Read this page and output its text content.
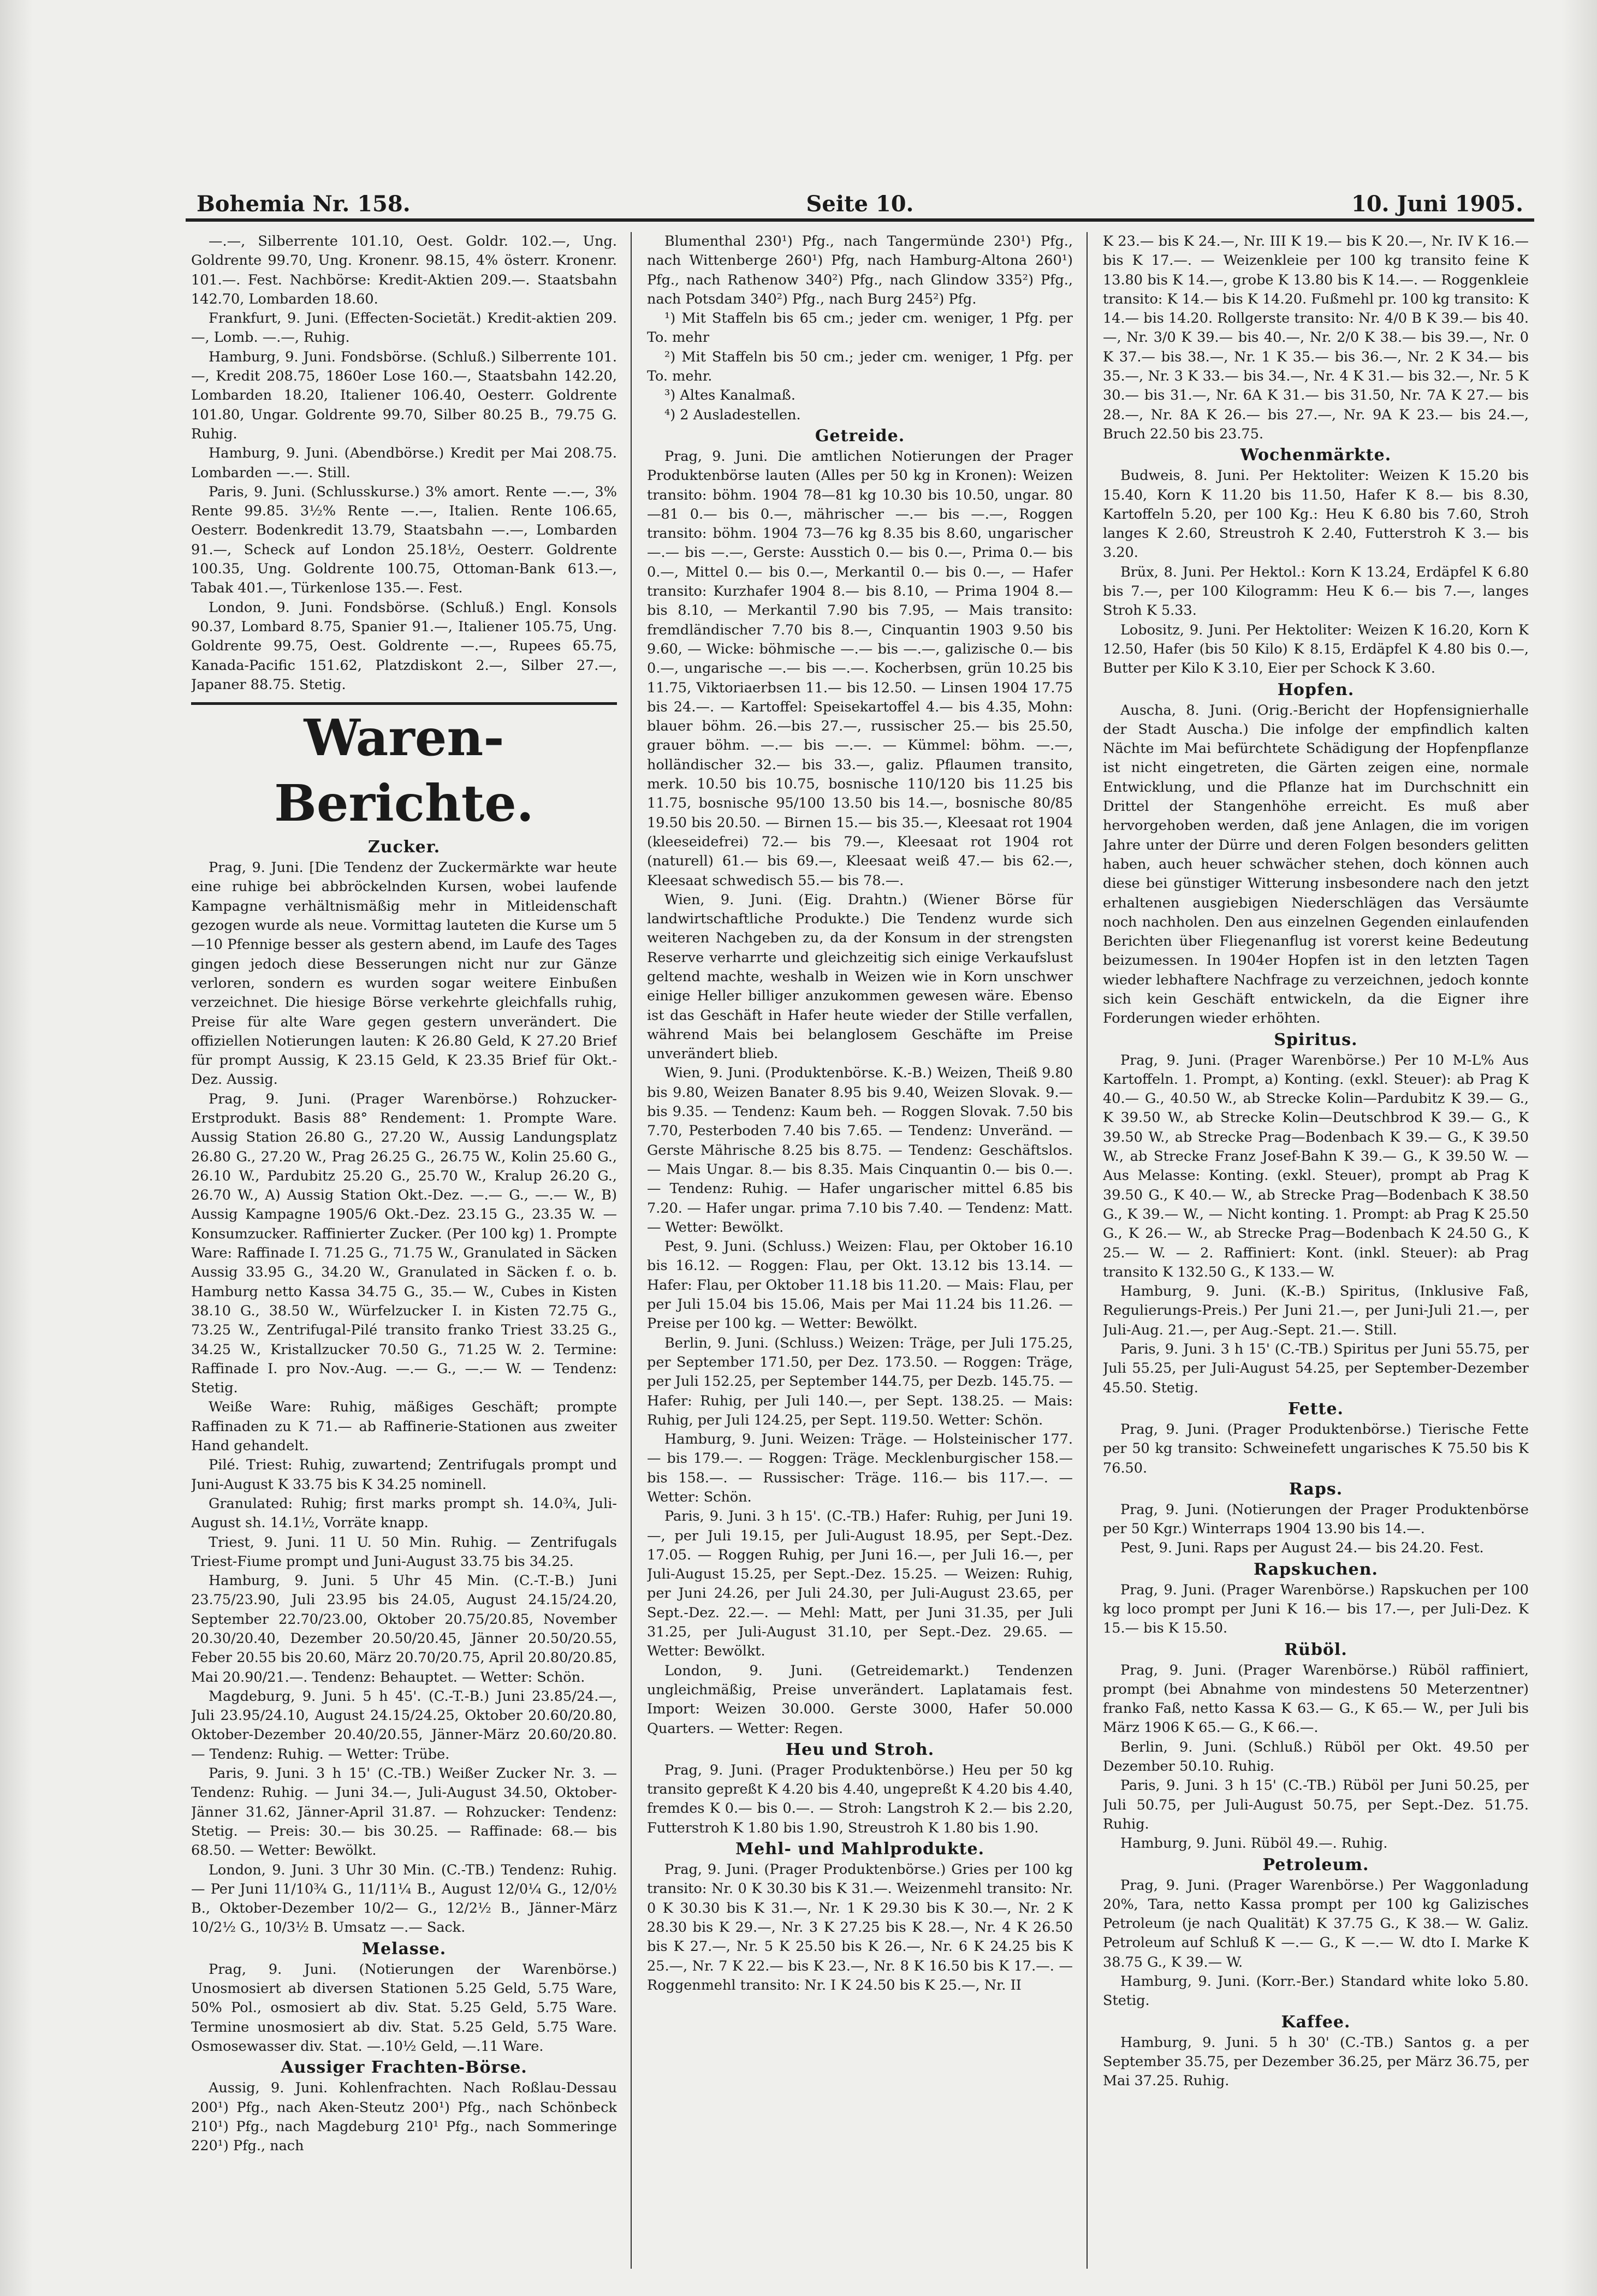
Bohemia Nr. 158.	Seite 10.	10. Juni 1905.

—.—, Silberrente 101.10, Oest. Goldr. 102.—, Ung. Goldrente 99.70, Ung. Kronenr. 98.15, 4% österr. Kronenr. 101.—. Fest. Nachbörse: Kredit-Aktien 209.—. Staatsbahn 142.70, Lombarden 18.60.

Frankfurt, 9. Juni. (Effecten-Societät.) Kredit-aktien 209.—, Lomb. —.—, Ruhig.

Hamburg, 9. Juni. Fondsbörse. (Schluß.) Silberrente 101.—, Kredit 208.75, 1860er Lose 160.—, Staatsbahn 142.20, Lombarden 18.20, Italiener 106.40, Oesterr. Goldrente 101.80, Ungar. Goldrente 99.70, Silber 80.25 B., 79.75 G. Ruhig.

Hamburg, 9. Juni. (Abendbörse.) Kredit per Mai 208.75. Lombarden —.—. Still.

Paris, 9. Juni. (Schlusskurse.) 3% amort. Rente —.—, 3% Rente 99.85. 3½% Rente —.—, Italien. Rente 106.65, Oesterr. Bodenkredit 13.79, Staatsbahn —.—, Lombarden 91.—, Scheck auf London 25.18½, Oesterr. Goldrente 100.35, Ung. Goldrente 100.75, Ottoman-Bank 613.—, Tabak 401.—, Türkenlose 135.—. Fest.

London, 9. Juni. Fondsbörse. (Schluß.) Engl. Konsols 90.37, Lombard 8.75, Spanier 91.—, Italiener 105.75, Ung. Goldrente 99.75, Oest. Goldrente —.—, Rupees 65.75, Kanada-Pacific 151.62, Platzdiskont 2.—, Silber 27.—, Japaner 88.75. Stetig.

Waren-Berichte.
Zucker.

Prag, 9. Juni. [Die Tendenz der Zuckermärkte war heute eine ruhige bei abbröckelnden Kursen, wobei laufende Kampagne verhältnismäßig mehr in Mitleidenschaft gezogen wurde als neue. Vormittag lauteten die Kurse um 5—10 Pfennige besser als gestern abend, im Laufe des Tages gingen jedoch diese Besserungen nicht nur zur Gänze verloren, sondern es wurden sogar weitere Einbußen verzeichnet. Die hiesige Börse verkehrte gleichfalls ruhig, Preise für alte Ware gegen gestern unverändert. Die offiziellen Notierungen lauten: K 26.80 Geld, K 27.20 Brief für prompt Aussig, K 23.15 Geld, K 23.35 Brief für Okt.-Dez. Aussig.

Prag, 9. Juni. (Prager Warenbörse.) Rohzucker-Erstprodukt. Basis 88° Rendement: 1. Prompte Ware. Aussig Station 26.80 G., 27.20 W., Aussig Landungsplatz 26.80 G., 27.20 W., Prag 26.25 G., 26.75 W., Kolin 25.60 G., 26.10 W., Pardubitz 25.20 G., 25.70 W., Kralup 26.20 G., 26.70 W., A) Aussig Station Okt.-Dez. —.— G., —.— W., B) Aussig Kampagne 1905/6 Okt.-Dez. 23.15 G., 23.35 W. — Konsumzucker. Raffinierter Zucker. (Per 100 kg) 1. Prompte Ware: Raffinade I. 71.25 G., 71.75 W., Granulated in Säcken Aussig 33.95 G., 34.20 W., Granulated in Säcken f. o. b. Hamburg netto Kassa 34.75 G., 35.— W., Cubes in Kisten 38.10 G., 38.50 W., Würfelzucker I. in Kisten 72.75 G., 73.25 W., Zentrifugal-Pilé transito franko Triest 33.25 G., 34.25 W., Kristallzucker 70.50 G., 71.25 W. 2. Termine: Raffinade I. pro Nov.-Aug. —.— G., —.— W. — Tendenz: Stetig.

Weiße Ware: Ruhig, mäßiges Geschäft; prompte Raffinaden zu K 71.— ab Raffinerie-Stationen aus zweiter Hand gehandelt.

Pilé. Triest: Ruhig, zuwartend; Zentrifugals prompt und Juni-August K 33.75 bis K 34.25 nominell.

Granulated: Ruhig; first marks prompt sh. 14.0¾, Juli-August sh. 14.1½, Vorräte knapp.

Triest, 9. Juni. 11 U. 50 Min. Ruhig. — Zentrifugals Triest-Fiume prompt und Juni-August 33.75 bis 34.25.

Hamburg, 9. Juni. 5 Uhr 45 Min. (C.-T.-B.) Juni 23.75/23.90, Juli 23.95 bis 24.05, August 24.15/24.20, September 22.70/23.00, Oktober 20.75/20.85, November 20.30/20.40, Dezember 20.50/20.45, Jänner 20.50/20.55, Feber 20.55 bis 20.60, März 20.70/20.75, April 20.80/20.85, Mai 20.90/21.—. Tendenz: Behauptet. — Wetter: Schön.

Magdeburg, 9. Juni. 5 h 45'. (C.-T.-B.) Juni 23.85/24.—, Juli 23.95/24.10, August 24.15/24.25, Oktober 20.60/20.80, Oktober-Dezember 20.40/20.55, Jänner-März 20.60/20.80. — Tendenz: Ruhig. — Wetter: Trübe.

Paris, 9. Juni. 3 h 15' (C.-TB.) Weißer Zucker Nr. 3. — Tendenz: Ruhig. — Juni 34.—, Juli-August 34.50, Oktober-Jänner 31.62, Jänner-April 31.87. — Rohzucker: Tendenz: Stetig. — Preis: 30.— bis 30.25. — Raffinade: 68.— bis 68.50. — Wetter: Bewölkt.

London, 9. Juni. 3 Uhr 30 Min. (C.-TB.) Tendenz: Ruhig. — Per Juni 11/10¾ G., 11/11¼ B., August 12/0¼ G., 12/0½ B., Oktober-Dezember 10/2— G., 12/2½ B., Jänner-März 10/2½ G., 10/3½ B. Umsatz —.— Sack.

Melasse.

Prag, 9. Juni. (Notierungen der Warenbörse.) Unosmosiert ab diversen Stationen 5.25 Geld, 5.75 Ware, 50% Pol., osmosiert ab div. Stat. 5.25 Geld, 5.75 Ware. Termine unosmosiert ab div. Stat. 5.25 Geld, 5.75 Ware. Osmosewasser div. Stat. —.10½ Geld, —.11 Ware.

Aussiger Frachten-Börse.

Aussig, 9. Juni. Kohlenfrachten. Nach Roßlau-Dessau 200¹) Pfg., nach Aken-Steutz 200¹) Pfg., nach Schönbeck 210¹) Pfg., nach Magdeburg 210¹ Pfg., nach Sommeringe 220¹) Pfg., nach

Blumenthal 230¹) Pfg., nach Tangermünde 230¹) Pfg., nach Wittenberge 260¹) Pfg, nach Hamburg-Altona 260¹) Pfg., nach Rathenow 340²) Pfg., nach Glindow 335²) Pfg., nach Potsdam 340²) Pfg., nach Burg 245²) Pfg.

¹) Mit Staffeln bis 65 cm.; jeder cm. weniger, 1 Pfg. per To. mehr

²) Mit Staffeln bis 50 cm.; jeder cm. weniger, 1 Pfg. per To. mehr.

³) Altes Kanalmaß.

⁴) 2 Ausladestellen.

Getreide.

Prag, 9. Juni. Die amtlichen Notierungen der Prager Produktenbörse lauten (Alles per 50 kg in Kronen): Weizen transito: böhm. 1904 78—81 kg 10.30 bis 10.50, ungar. 80—81 0.— bis 0.—, mährischer —.— bis —.—, Roggen transito: böhm. 1904 73—76 kg 8.35 bis 8.60, ungarischer —.— bis —.—, Gerste: Ausstich 0.— bis 0.—, Prima 0.— bis 0.—, Mittel 0.— bis 0.—, Merkantil 0.— bis 0.—, — Hafer transito: Kurzhafer 1904 8.— bis 8.10, — Prima 1904 8.— bis 8.10, — Merkantil 7.90 bis 7.95, — Mais transito: fremdländischer 7.70 bis 8.—, Cinquantin 1903 9.50 bis 9.60, — Wicke: böhmische —.— bis —.—, galizische 0.— bis 0.—, ungarische —.— bis —.—. Kocherbsen, grün 10.25 bis 11.75, Viktoriaerbsen 11.— bis 12.50. — Linsen 1904 17.75 bis 24.—. — Kartoffel: Speisekartoffel 4.— bis 4.35, Mohn: blauer böhm. 26.—bis 27.—, russischer 25.— bis 25.50, grauer böhm. —.— bis —.—. — Kümmel: böhm. —.—, holländischer 32.— bis 33.—, galiz. Pflaumen transito, merk. 10.50 bis 10.75, bosnische 110/120 bis 11.25 bis 11.75, bosnische 95/100 13.50 bis 14.—, bosnische 80/85 19.50 bis 20.50. — Birnen 15.— bis 35.—, Kleesaat rot 1904 (kleeseidefrei) 72.— bis 79.—, Kleesaat rot 1904 rot (naturell) 61.— bis 69.—, Kleesaat weiß 47.— bis 62.—, Kleesaat schwedisch 55.— bis 78.—.

Wien, 9. Juni. (Eig. Drahtn.) (Wiener Börse für landwirtschaftliche Produkte.) Die Tendenz wurde sich weiteren Nachgeben zu, da der Konsum in der strengsten Reserve verharrte und gleichzeitig sich einige Verkaufslust geltend machte, weshalb in Weizen wie in Korn unschwer einige Heller billiger anzukommen gewesen wäre. Ebenso ist das Geschäft in Hafer heute wieder der Stille verfallen, während Mais bei belanglosem Geschäfte im Preise unverändert blieb.

Wien, 9. Juni. (Produktenbörse. K.-B.) Weizen, Theiß 9.80 bis 9.80, Weizen Banater 8.95 bis 9.40, Weizen Slovak. 9.— bis 9.35. — Tendenz: Kaum beh. — Roggen Slovak. 7.50 bis 7.70, Pesterboden 7.40 bis 7.65. — Tendenz: Unveränd. — Gerste Mährische 8.25 bis 8.75. — Tendenz: Geschäftslos. — Mais Ungar. 8.— bis 8.35. Mais Cinquantin 0.— bis 0.—. — Tendenz: Ruhig. — Hafer ungarischer mittel 6.85 bis 7.20. — Hafer ungar. prima 7.10 bis 7.40. — Tendenz: Matt. — Wetter: Bewölkt.

Pest, 9. Juni. (Schluss.) Weizen: Flau, per Oktober 16.10 bis 16.12. — Roggen: Flau, per Okt. 13.12 bis 13.14. — Hafer: Flau, per Oktober 11.18 bis 11.20. — Mais: Flau, per per Juli 15.04 bis 15.06, Mais per Mai 11.24 bis 11.26. — Preise per 100 kg. — Wetter: Bewölkt.

Berlin, 9. Juni. (Schluss.) Weizen: Träge, per Juli 175.25, per September 171.50, per Dez. 173.50. — Roggen: Träge, per Juli 152.25, per September 144.75, per Dezb. 145.75. — Hafer: Ruhig, per Juli 140.—, per Sept. 138.25. — Mais: Ruhig, per Juli 124.25, per Sept. 119.50. Wetter: Schön.

Hamburg, 9. Juni. Weizen: Träge. — Holsteinischer 177.— bis 179.—. — Roggen: Träge. Mecklenburgischer 158.— bis 158.—. — Russischer: Träge. 116.— bis 117.—. — Wetter: Schön.

Paris, 9. Juni. 3 h 15'. (C.-TB.) Hafer: Ruhig, per Juni 19.—, per Juli 19.15, per Juli-August 18.95, per Sept.-Dez. 17.05. — Roggen Ruhig, per Juni 16.—, per Juli 16.—, per Juli-August 15.25, per Sept.-Dez. 15.25. — Weizen: Ruhig, per Juni 24.26, per Juli 24.30, per Juli-August 23.65, per Sept.-Dez. 22.—. — Mehl: Matt, per Juni 31.35, per Juli 31.25, per Juli-August 31.10, per Sept.-Dez. 29.65. — Wetter: Bewölkt.

London, 9. Juni. (Getreidemarkt.) Tendenzen ungleichmäßig, Preise unverändert. Laplatamais fest. Import: Weizen 30.000. Gerste 3000, Hafer 50.000 Quarters. — Wetter: Regen.

Heu und Stroh.

Prag, 9. Juni. (Prager Produktenbörse.) Heu per 50 kg transito gepreßt K 4.20 bis 4.40, ungepreßt K 4.20 bis 4.40, fremdes K 0.— bis 0.—. — Stroh: Langstroh K 2.— bis 2.20, Futterstroh K 1.80 bis 1.90, Streustroh K 1.80 bis 1.90.

Mehl- und Mahlprodukte.

Prag, 9. Juni. (Prager Produktenbörse.) Gries per 100 kg transito: Nr. 0 K 30.30 bis K 31.—. Weizenmehl transito: Nr. 0 K 30.30 bis K 31.—, Nr. 1 K 29.30 bis K 30.—, Nr. 2 K 28.30 bis K 29.—, Nr. 3 K 27.25 bis K 28.—, Nr. 4 K 26.50 bis K 27.—, Nr. 5 K 25.50 bis K 26.—, Nr. 6 K 24.25 bis K 25.—, Nr. 7 K 22.— bis K 23.—, Nr. 8 K 16.50 bis K 17.—. — Roggenmehl transito: Nr. I K 24.50 bis K 25.—, Nr. II

K 23.— bis K 24.—, Nr. III K 19.— bis K 20.—, Nr. IV K 16.— bis K 17.—. — Weizenkleie per 100 kg transito feine K 13.80 bis K 14.—, grobe K 13.80 bis K 14.—. — Roggenkleie transito: K 14.— bis K 14.20. Fußmehl pr. 100 kg transito: K 14.— bis 14.20. Rollgerste transito: Nr. 4/0 B K 39.— bis 40.—, Nr. 3/0 K 39.— bis 40.—, Nr. 2/0 K 38.— bis 39.—, Nr. 0 K 37.— bis 38.—, Nr. 1 K 35.— bis 36.—, Nr. 2 K 34.— bis 35.—, Nr. 3 K 33.— bis 34.—, Nr. 4 K 31.— bis 32.—, Nr. 5 K 30.— bis 31.—, Nr. 6A K 31.— bis 31.50, Nr. 7A K 27.— bis 28.—, Nr. 8A K 26.— bis 27.—, Nr. 9A K 23.— bis 24.—, Bruch 22.50 bis 23.75.

Wochenmärkte.

Budweis, 8. Juni. Per Hektoliter: Weizen K 15.20 bis 15.40, Korn K 11.20 bis 11.50, Hafer K 8.— bis 8.30, Kartoffeln 5.20, per 100 Kg.: Heu K 6.80 bis 7.60, Stroh langes K 2.60, Streustroh K 2.40, Futterstroh K 3.— bis 3.20.

Brüx, 8. Juni. Per Hektol.: Korn K 13.24, Erdäpfel K 6.80 bis 7.—, per 100 Kilogramm: Heu K 6.— bis 7.—, langes Stroh K 5.33.

Lobositz, 9. Juni. Per Hektoliter: Weizen K 16.20, Korn K 12.50, Hafer (bis 50 Kilo) K 8.15, Erdäpfel K 4.80 bis 0.—, Butter per Kilo K 3.10, Eier per Schock K 3.60.

Hopfen.

Auscha, 8. Juni. (Orig.-Bericht der Hopfensignierhalle der Stadt Auscha.) Die infolge der empfindlich kalten Nächte im Mai befürchtete Schädigung der Hopfenpflanze ist nicht eingetreten, die Gärten zeigen eine, normale Entwicklung, und die Pflanze hat im Durchschnitt ein Drittel der Stangenhöhe erreicht. Es muß aber hervorgehoben werden, daß jene Anlagen, die im vorigen Jahre unter der Dürre und deren Folgen besonders gelitten haben, auch heuer schwächer stehen, doch können auch diese bei günstiger Witterung insbesondere nach den jetzt erhaltenen ausgiebigen Niederschlägen das Versäumte noch nachholen. Den aus einzelnen Gegenden einlaufenden Berichten über Fliegenanflug ist vorerst keine Bedeutung beizumessen. In 1904er Hopfen ist in den letzten Tagen wieder lebhaftere Nachfrage zu verzeichnen, jedoch konnte sich kein Geschäft entwickeln, da die Eigner ihre Forderungen wieder erhöhten.

Spiritus.

Prag, 9. Juni. (Prager Warenbörse.) Per 10 M-L% Aus Kartoffeln. 1. Prompt, a) Konting. (exkl. Steuer): ab Prag K 40.— G., 40.50 W., ab Strecke Kolin—Pardubitz K 39.— G., K 39.50 W., ab Strecke Kolin—Deutschbrod K 39.— G., K 39.50 W., ab Strecke Prag—Bodenbach K 39.— G., K 39.50 W., ab Strecke Franz Josef-Bahn K 39.— G., K 39.50 W. — Aus Melasse: Konting. (exkl. Steuer), prompt ab Prag K 39.50 G., K 40.— W., ab Strecke Prag—Bodenbach K 38.50 G., K 39.— W., — Nicht konting. 1. Prompt: ab Prag K 25.50 G., K 26.— W., ab Strecke Prag—Bodenbach K 24.50 G., K 25.— W. — 2. Raffiniert: Kont. (inkl. Steuer): ab Prag transito K 132.50 G., K 133.— W.

Hamburg, 9. Juni. (K.-B.) Spiritus, (Inklusive Faß, Regulierungs-Preis.) Per Juni 21.—, per Juni-Juli 21.—, per Juli-Aug. 21.—, per Aug.-Sept. 21.—. Still.

Paris, 9. Juni. 3 h 15' (C.-TB.) Spiritus per Juni 55.75, per Juli 55.25, per Juli-August 54.25, per September-Dezember 45.50. Stetig.

Fette.

Prag, 9. Juni. (Prager Produktenbörse.) Tierische Fette per 50 kg transito: Schweinefett ungarisches K 75.50 bis K 76.50.

Raps.

Prag, 9. Juni. (Notierungen der Prager Produktenbörse per 50 Kgr.) Winterraps 1904 13.90 bis 14.—.

Pest, 9. Juni. Raps per August 24.— bis 24.20. Fest.

Rapskuchen.

Prag, 9. Juni. (Prager Warenbörse.) Rapskuchen per 100 kg loco prompt per Juni K 16.— bis 17.—, per Juli-Dez. K 15.— bis K 15.50.

Rüböl.

Prag, 9. Juni. (Prager Warenbörse.) Rüböl raffiniert, prompt (bei Abnahme von mindestens 50 Meterzentner) franko Faß, netto Kassa K 63.— G., K 65.— W., per Juli bis März 1906 K 65.— G., K 66.—.

Berlin, 9. Juni. (Schluß.) Rüböl per Okt. 49.50 per Dezember 50.10. Ruhig.

Paris, 9. Juni. 3 h 15' (C.-TB.) Rüböl per Juni 50.25, per Juli 50.75, per Juli-August 50.75, per Sept.-Dez. 51.75. Ruhig.

Hamburg, 9. Juni. Rüböl 49.—. Ruhig.

Petroleum.

Prag, 9. Juni. (Prager Warenbörse.) Per Waggonladung 20%, Tara, netto Kassa prompt per 100 kg Galizisches Petroleum (je nach Qualität) K 37.75 G., K 38.— W. Galiz. Petroleum auf Schluß K —.— G., K —.— W. dto I. Marke K 38.75 G., K 39.— W.

Hamburg, 9. Juni. (Korr.-Ber.) Standard white loko 5.80. Stetig.

Kaffee.

Hamburg, 9. Juni. 5 h 30' (C.-TB.) Santos g. a per September 35.75, per Dezember 36.25, per März 36.75, per Mai 37.25. Ruhig.
